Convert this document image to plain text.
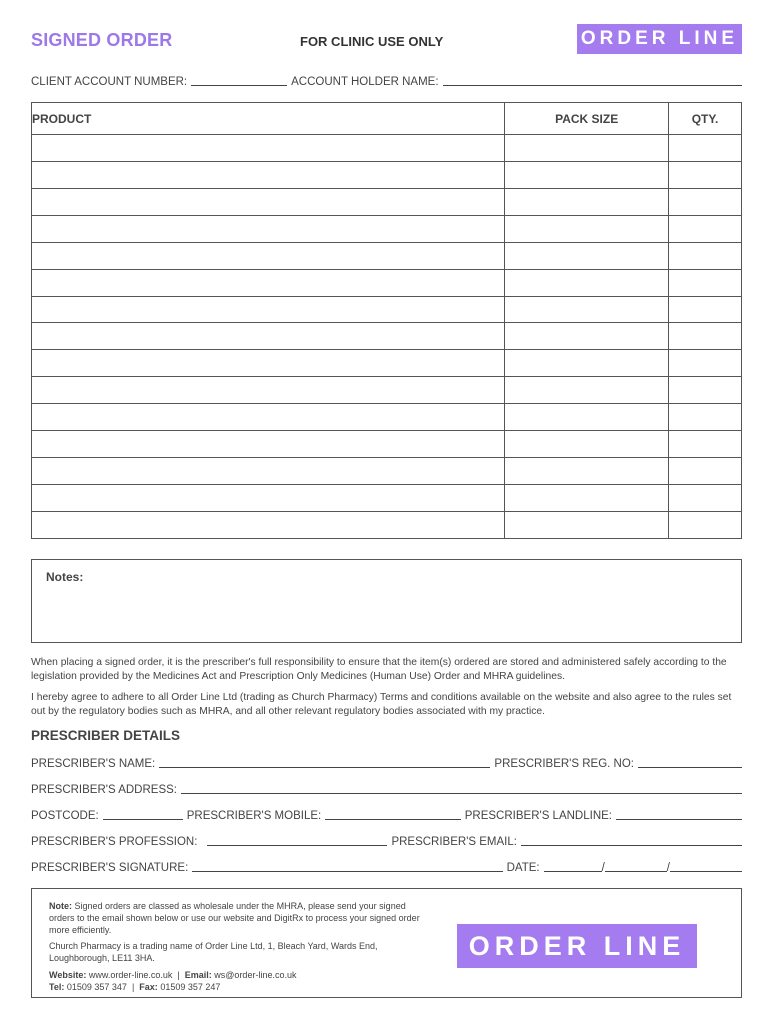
SIGNED ORDER	FOR CLINIC USE ONLY	ORDER LINE
CLIENT ACCOUNT NUMBER:	ACCOUNT HOLDER NAME:
PRODUCT	PACK SIZE	QTY.

Notes:
When placing a signed order, it is the prescriber's full responsibility to ensure that the item(s) ordered are stored and administered safely according to the legislation provided by the Medicines Act and Prescription Only Medicines (Human Use) Order and MHRA guidelines.
I hereby agree to adhere to all Order Line Ltd (trading as Church Pharmacy) Terms and conditions available on the website and also agree to the rules set out by the regulatory bodies such as MHRA, and all other relevant regulatory bodies associated with my practice.
PRESCRIBER DETAILS
PRESCRIBER'S NAME:	PRESCRIBER'S REG. NO:
PRESCRIBER'S ADDRESS:
POSTCODE:	PRESCRIBER'S MOBILE:	PRESCRIBER'S LANDLINE:
PRESCRIBER'S PROFESSION:	PRESCRIBER'S EMAIL:
PRESCRIBER'S SIGNATURE:	DATE:	/	/

Note: Signed orders are classed as wholesale under the MHRA, please send your signed orders to the email shown below or use our website and DigitRx to process your signed order more efficiently.

Church Pharmacy is a trading name of Order Line Ltd, 1, Bleach Yard, Wards End, Loughborough, LE11 3HA.

Website: www.order-line.co.uk | Email: ws@order-line.co.uk
Tel: 01509 357 347 | Fax: 01509 357 247
ORDER LINE
